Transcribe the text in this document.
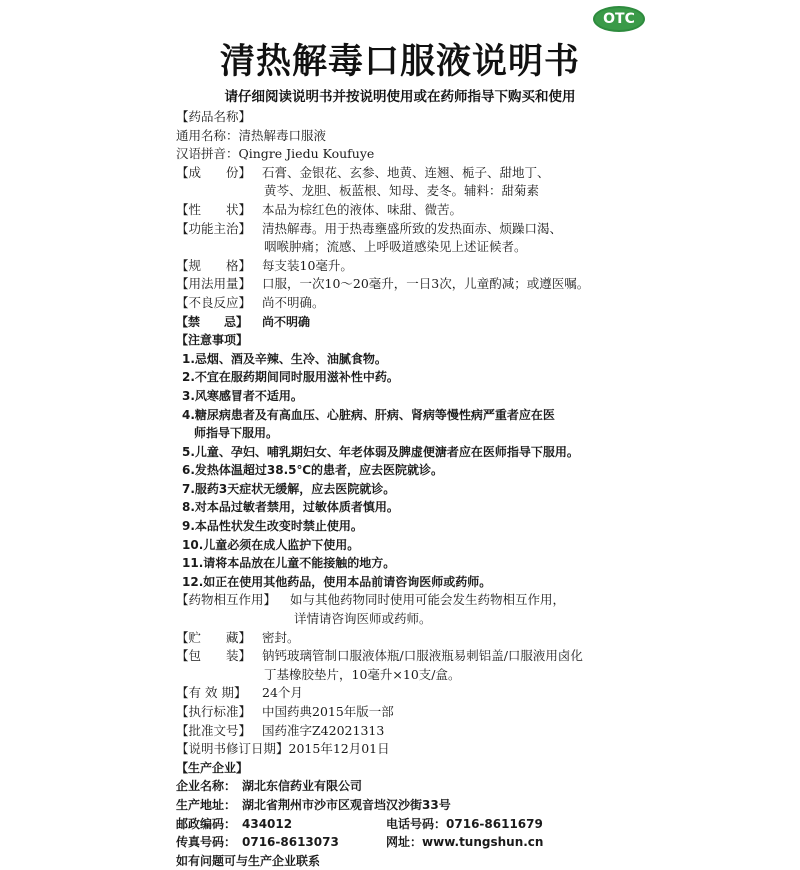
OTC
清热解毒口服液说明书
请仔细阅读说明书并按说明使用或在药师指导下购买和使用
【药品名称】
通用名称：清热解毒口服液
汉语拼音：Qingre Jiedu Koufuye
【成　　份】 石膏、金银花、玄参、地黄、连翘、栀子、甜地丁、
黄芩、龙胆、板蓝根、知母、麦冬。辅料：甜菊素
【性　　状】 本品为棕红色的液体、味甜、微苦。
【功能主治】 清热解毒。用于热毒壅盛所致的发热面赤、烦躁口渴、
咽喉肿痛；流感、上呼吸道感染见上述证候者。
【规　　格】 每支装10毫升。
【用法用量】 口服，一次10～20毫升，一日3次，儿童酌减；或遵医嘱。
【不良反应】 尚不明确。
【禁　　忌】 尚不明确
【注意事项】
1.忌烟、酒及辛辣、生冷、油腻食物。
2.不宜在服药期间同时服用滋补性中药。
3.风寒感冒者不适用。
4.糖尿病患者及有高血压、心脏病、肝病、肾病等慢性病严重者应在医
师指导下服用。
5.儿童、孕妇、哺乳期妇女、年老体弱及脾虚便溏者应在医师指导下服用。
6.发热体温超过38.5℃的患者，应去医院就诊。
7.服药3天症状无缓解，应去医院就诊。
8.对本品过敏者禁用，过敏体质者慎用。
9.本品性状发生改变时禁止使用。
10.儿童必须在成人监护下使用。
11.请将本品放在儿童不能接触的地方。
12.如正在使用其他药品，使用本品前请咨询医师或药师。
【药物相互作用】 如与其他药物同时使用可能会发生药物相互作用，
详情请咨询医师或药师。
【贮　　藏】 密封。
【包　　装】 钠钙玻璃管制口服液体瓶/口服液瓶易刺铝盖/口服液用卤化
丁基橡胶垫片，10毫升×10支/盒。
【有 效 期】 24个月
【执行标准】 中国药典2015年版一部
【批准文号】 国药准字Z42021313
【说明书修订日期】2015年12月01日
【生产企业】
企业名称： 湖北东信药业有限公司
生产地址： 湖北省荆州市沙市区观音垱汉沙街33号
邮政编码： 434012	电话号码：0716-8611679
传真号码： 0716-8613073	网址：www.tungshun.cn
如有问题可与生产企业联系
